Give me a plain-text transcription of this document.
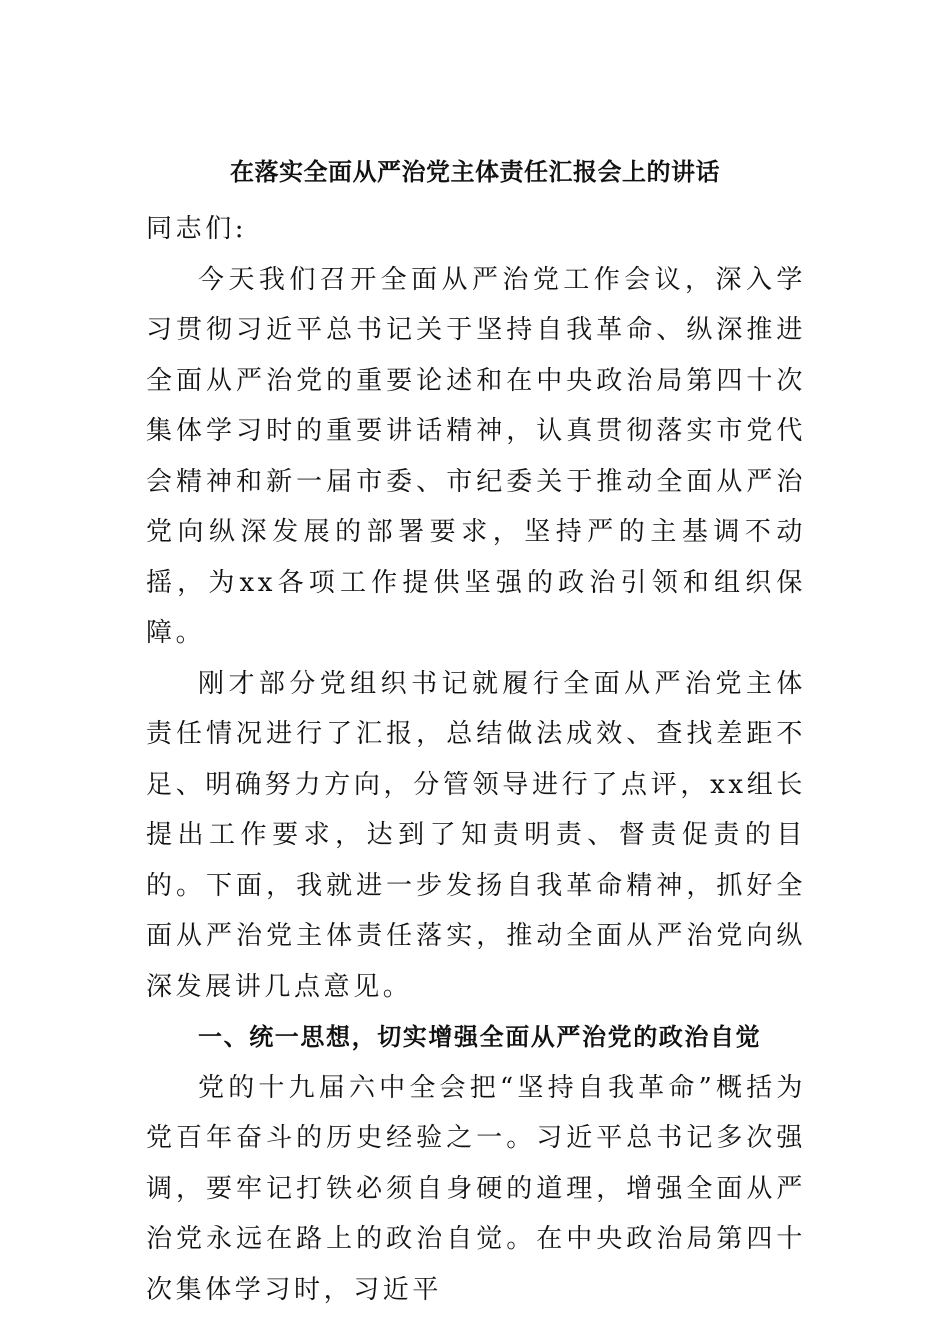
在落实全面从严治党主体责任汇报会上的讲话

同志们:

今天我们召开全面从严治党工作会议，深入学习贯彻习近平总书记关于坚持自我革命、纵深推进全面从严治党的重要论述和在中央政治局第四十次集体学习时的重要讲话精神，认真贯彻落实市党代会精神和新一届市委、市纪委关于推动全面从严治党向纵深发展的部署要求，坚持严的主基调不动摇，为xx各项工作提供坚强的政治引领和组织保障。

刚才部分党组织书记就履行全面从严治党主体责任情况进行了汇报，总结做法成效、查找差距不足、明确努力方向，分管领导进行了点评，xx组长提出工作要求，达到了知责明责、督责促责的目的。下面，我就进一步发扬自我革命精神，抓好全面从严治党主体责任落实，推动全面从严治党向纵深发展讲几点意见。

一、统一思想，切实增强全面从严治党的政治自觉

党的十九届六中全会把“坚持自我革命”概括为党百年奋斗的历史经验之一。习近平总书记多次强调，要牢记打铁必须自身硬的道理，增强全面从严治党永远在路上的政治自觉。在中央政治局第四十次集体学习时，习近平
